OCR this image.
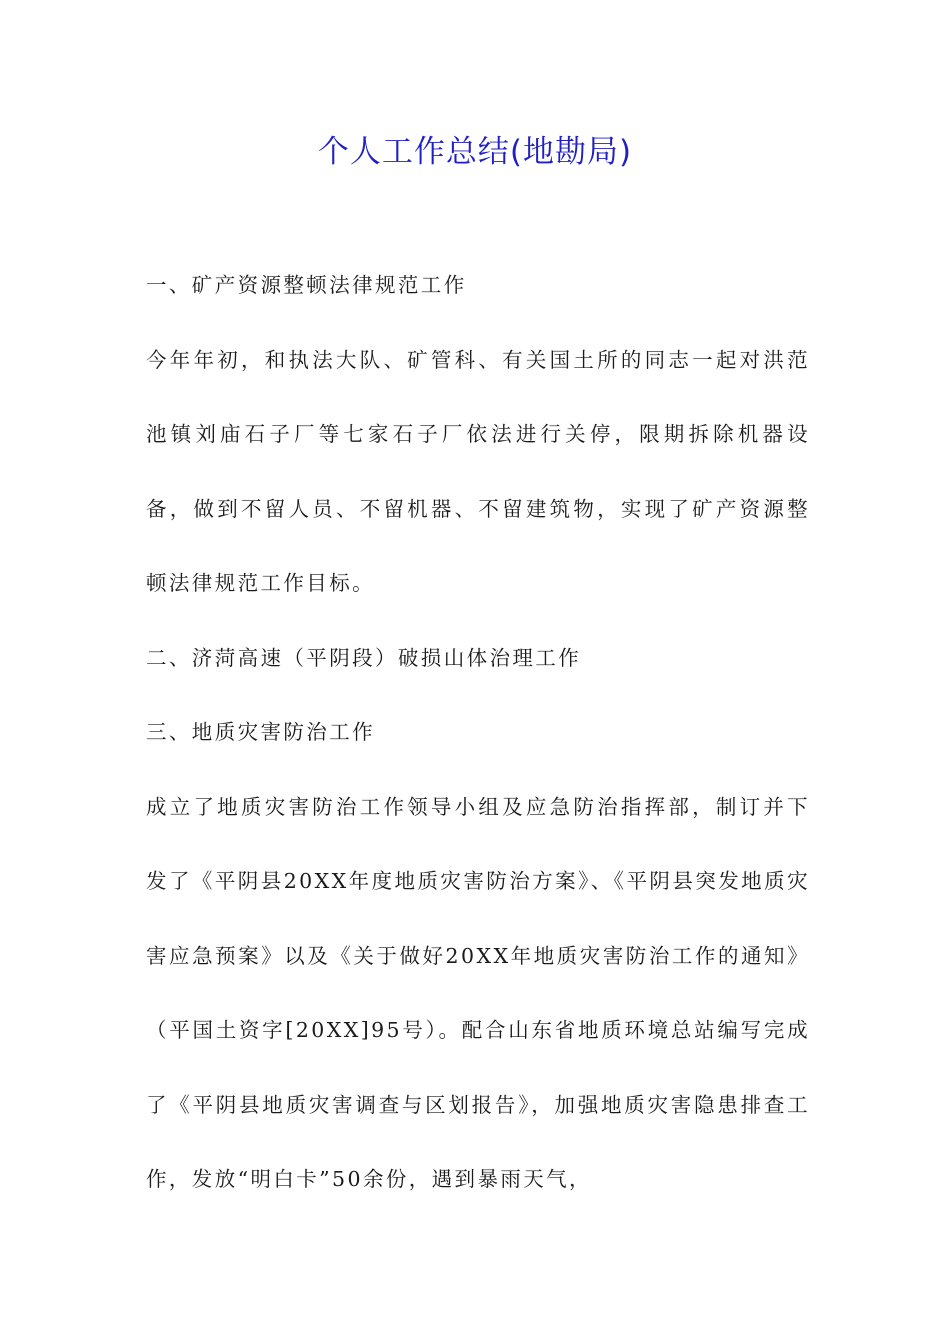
个人工作总结(地勘局)

一、矿产资源整顿法律规范工作

今年年初，和执法大队、矿管科、有关国土所的同志一起对洪范池镇刘庙石子厂等七家石子厂依法进行关停，限期拆除机器设备，做到不留人员、不留机器、不留建筑物，实现了矿产资源整顿法律规范工作目标。

二、济菏高速（平阴段）破损山体治理工作

三、地质灾害防治工作

成立了地质灾害防治工作领导小组及应急防治指挥部，制订并下发了《平阴县20XX年度地质灾害防治方案》、《平阴县突发地质灾害应急预案》以及《关于做好20XX年地质灾害防治工作的通知》（平国土资字[20XX]95号）。配合山东省地质环境总站编写完成了《平阴县地质灾害调查与区划报告》，加强地质灾害隐患排查工作，发放“明白卡”50余份，遇到暴雨天气，
